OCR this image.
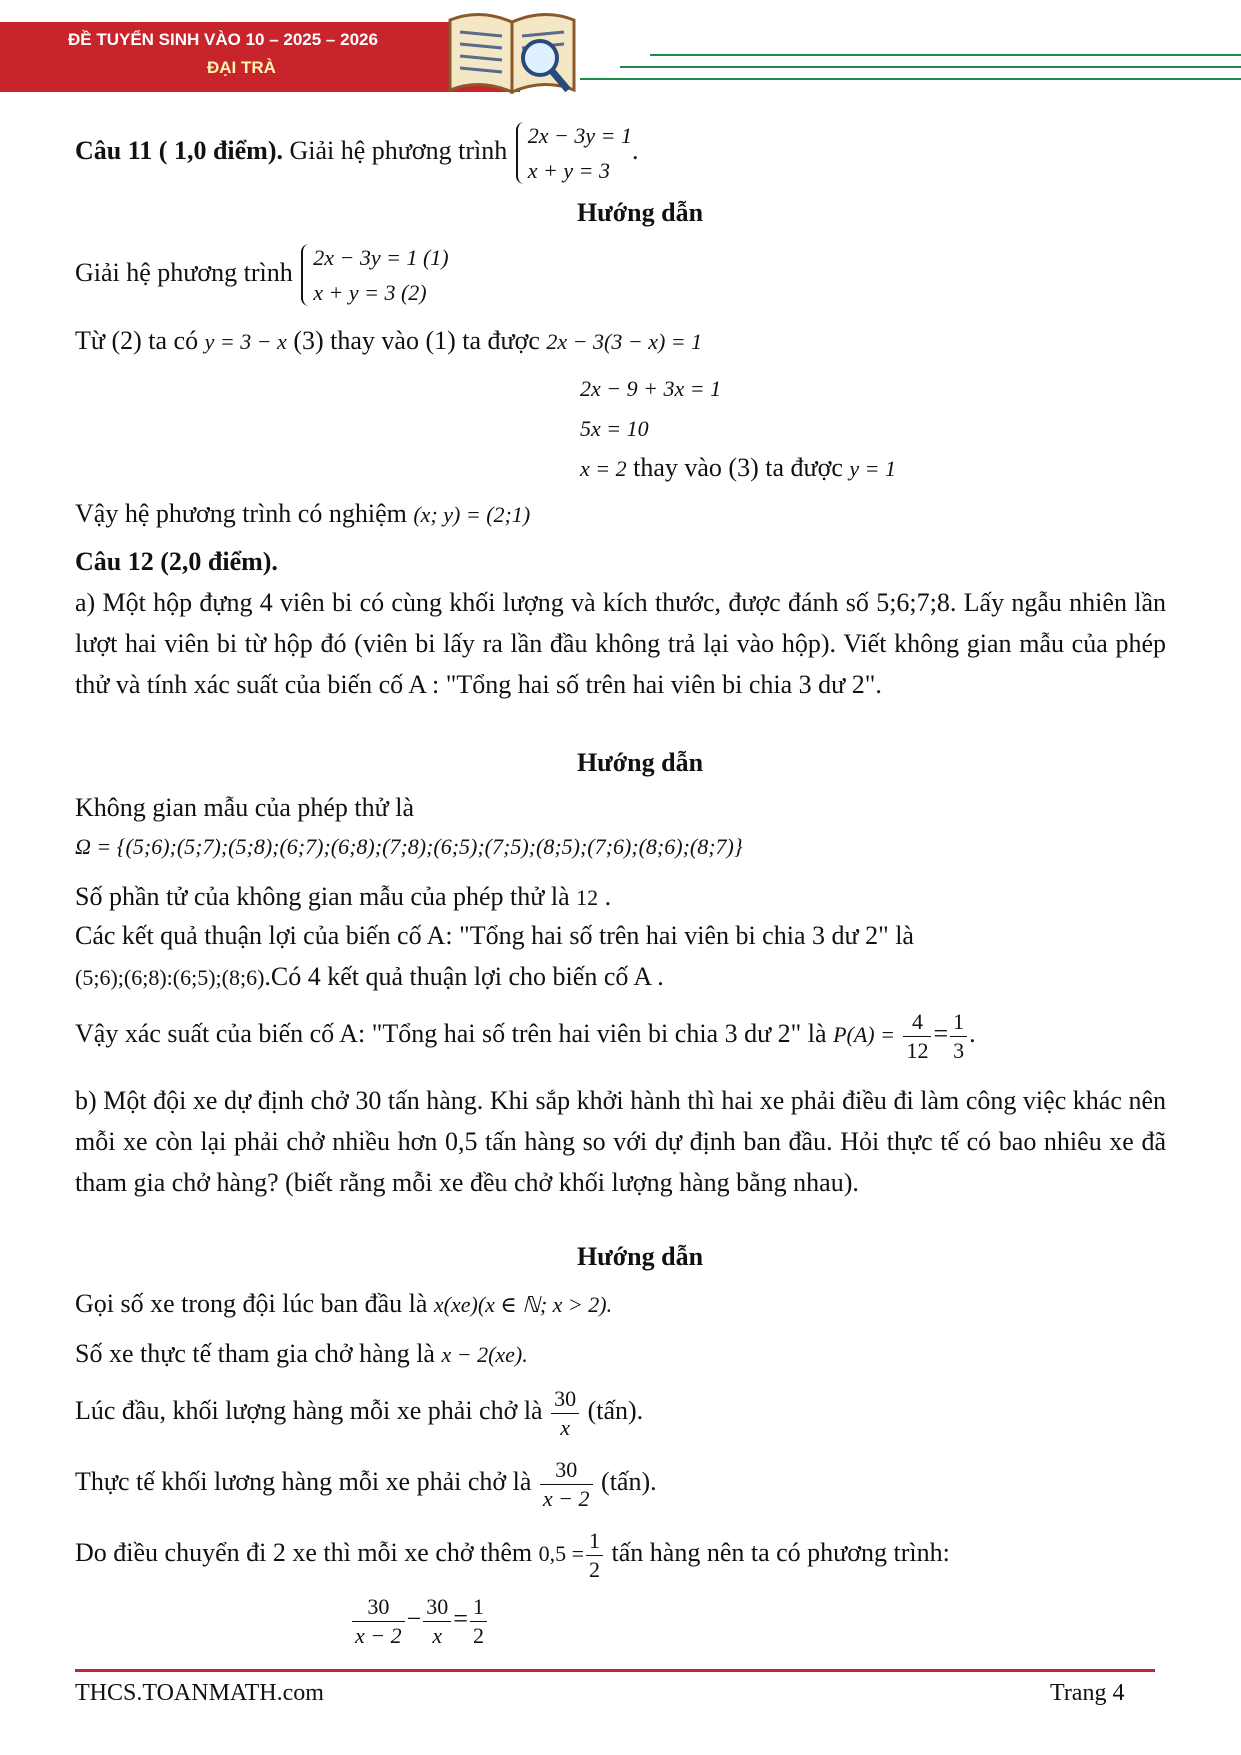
ĐỀ TUYỂN SINH VÀO 10 – 2025 – 2026
ĐẠI TRÀ
Câu 11 ( 1,0 điểm). Giải hệ phương trình
2x − 3y = 1
x + y = 3
.
Hướng dẫn
Giải hệ phương trình
2x − 3y = 1 (1)
x + y = 3 (2)
Từ (2) ta có y = 3 − x (3) thay vào (1) ta được 2x − 3(3 − x) = 1
2x − 9 + 3x = 1
5x = 10
x = 2 thay vào (3) ta được y = 1
Vậy hệ phương trình có nghiệm (x; y) = (2;1)
Câu 12 (2,0 điểm).
a) Một hộp đựng 4 viên bi có cùng khối lượng và kích thước, được đánh số 5;6;7;8. Lấy ngẫu nhiên lần lượt hai viên bi từ hộp đó (viên bi lấy ra lần đầu không trả lại vào hộp). Viết không gian mẫu của phép thử và tính xác suất của biến cố A : "Tổng hai số trên hai viên bi chia 3 dư 2".
Hướng dẫn
Không gian mẫu của phép thử là
Ω = {(5;6);(5;7);(5;8);(6;7);(6;8);(7;8);(6;5);(7;5);(8;5);(7;6);(8;6);(8;7)}
Số phần tử của không gian mẫu của phép thử là 12 .
Các kết quả thuận lợi của biến cố A: "Tổng hai số trên hai viên bi chia 3 dư 2" là
(5;6);(6;8):(6;5);(8;6).Có 4 kết quả thuận lợi cho biến cố A .
Vậy xác suất của biến cố A: "Tổng hai số trên hai viên bi chia 3 dư 2" là $P(A) = \frac{4}{12} = \frac{1}{3}$ .
b) Một đội xe dự định chở 30 tấn hàng. Khi sắp khởi hành thì hai xe phải điều đi làm công việc khác nên mỗi xe còn lại phải chở nhiều hơn 0,5 tấn hàng so với dự định ban đầu. Hỏi thực tế có bao nhiêu xe đã tham gia chở hàng? (biết rằng mỗi xe đều chở khối lượng hàng bằng nhau).
Hướng dẫn
Gọi số xe trong đội lúc ban đầu là x(xe)(x ∈ ℕ; x > 2).
Số xe thực tế tham gia chở hàng là x − 2(xe).
Lúc đầu, khối lượng hàng mỗi xe phải chở là $\frac{30}{x}$ (tấn).
Thực tế khối lương hàng mỗi xe phải chở là $\frac{30}{x - 2}$ (tấn).
Do điều chuyển đi 2 xe thì mỗi xe chở thêm $0,5 = \frac{1}{2}$ tấn hàng nên ta có phương trình:
$\frac{30}{x - 2} - \frac{30}{x} = \frac{1}{2}$
THCS.TOANMATH.com	Trang 4
